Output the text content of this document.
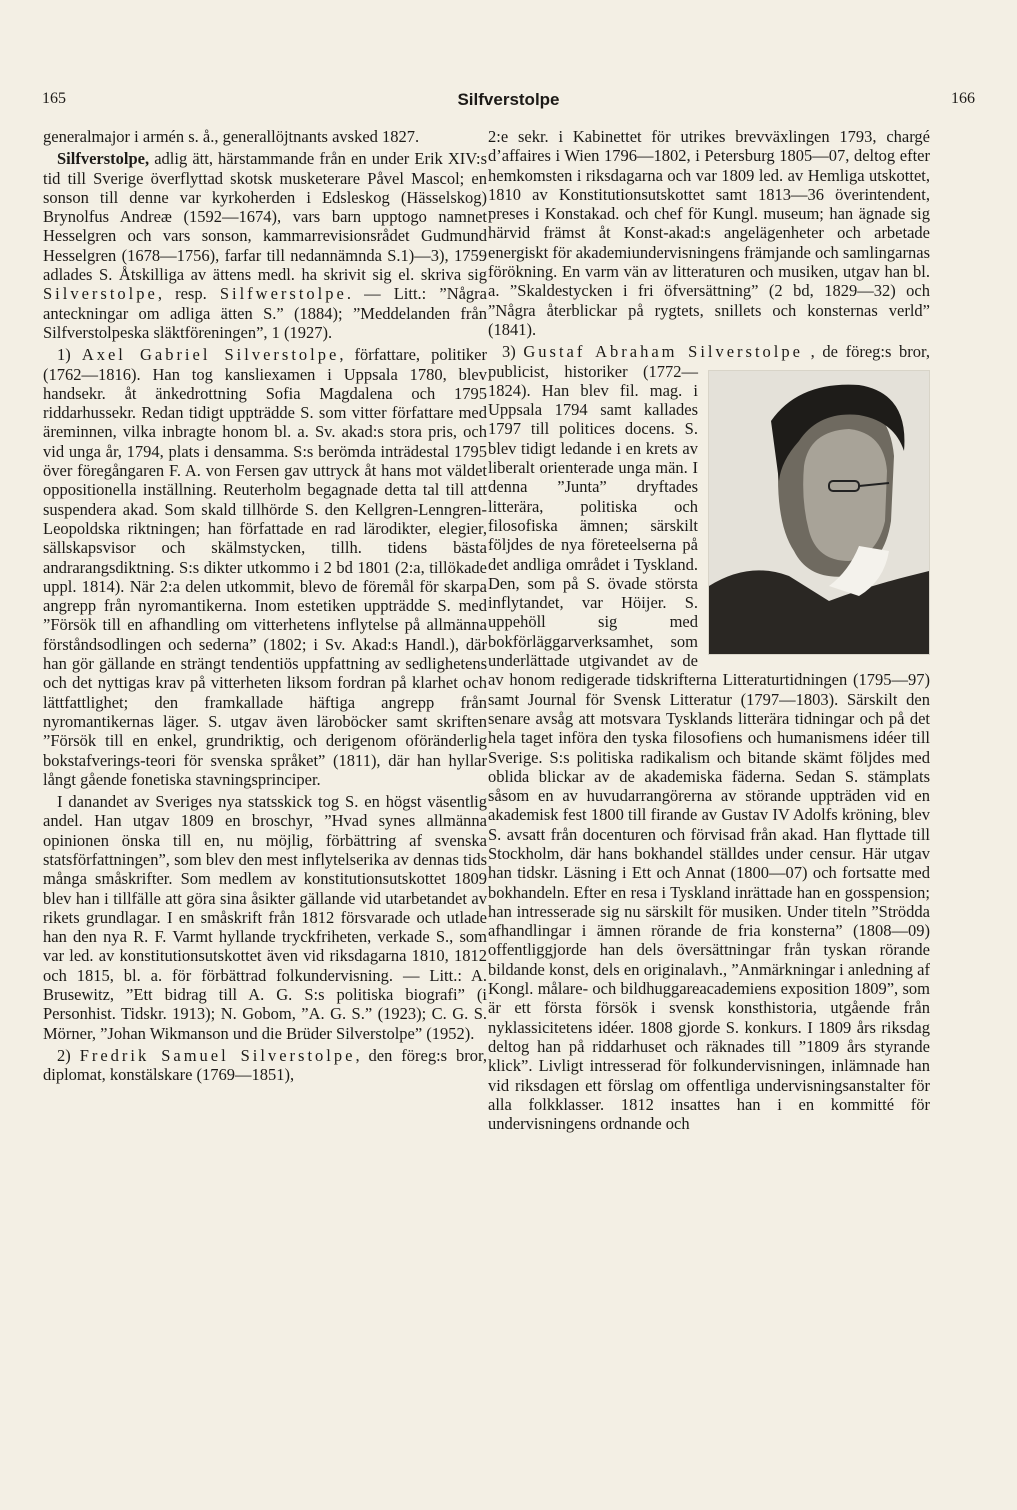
165	Silfverstolpe	166

generalmajor i armén s. å., generallöjtnants avsked 1827.

Silfverstolpe, adlig ätt, härstammande från en under Erik XIV:s tid till Sverige överflyttad skotsk musketerare Påvel Mascol; en sonson till denne var kyrkoherden i Edsleskog (Hässelskog) Brynolfus Andreæ (1592—1674), vars barn upptogo namnet Hesselgren och vars sonson, kammarrevisionsrådet Gudmund Hesselgren (1678—1756), farfar till nedannämnda S.1)—3), 1759 adlades S. Åtskilliga av ättens medl. ha skrivit sig el. skriva sig Silverstolpe, resp. Silfwerstolpe. — Litt.: ”Några anteckningar om adliga ätten S.” (1884); ”Meddelanden från Silfverstolpeska släktföreningen”, 1 (1927).

1) Axel Gabriel Silverstolpe, författare, politiker (1762—1816). Han tog kansliexamen i Uppsala 1780, blev handsekr. åt änkedrottning Sofia Magdalena och 1795 riddarhussekr. Redan tidigt uppträdde S. som vitter författare med äreminnen, vilka inbragte honom bl. a. Sv. akad:s stora pris, och vid unga år, 1794, plats i densamma. S:s berömda inträdestal 1795 över föregångaren F. A. von Fersen gav uttryck åt hans mot väldet oppositionella inställning. Reuterholm begagnade detta tal till att suspendera akad. Som skald tillhörde S. den Kellgren-Lenngren-Leopoldska riktningen; han författade en rad lärodikter, elegier, sällskapsvisor och skälmstycken, tillh. tidens bästa andrarangsdiktning. S:s dikter utkommo i 2 bd 1801 (2:a, tillökade uppl. 1814). När 2:a delen utkommit, blevo de föremål för skarpa angrepp från nyromantikerna. Inom estetiken uppträdde S. med ”Försök till en afhandling om vitterhetens inflytelse på allmänna förståndsodlingen och sederna” (1802; i Sv. Akad:s Handl.), där han gör gällande en strängt tendentiös uppfattning av sedlighetens och det nyttigas krav på vitterheten liksom fordran på klarhet och lättfattlighet; den framkallade häftiga angrepp från nyromantikernas läger. S. utgav även läroböcker samt skriften ”Försök till en enkel, grundriktig, och derigenom oföränderlig bokstafverings-teori för svenska språket” (1811), där han hyllar långt gående fonetiska stavningsprinciper.

I danandet av Sveriges nya statsskick tog S. en högst väsentlig andel. Han utgav 1809 en broschyr, ”Hvad synes allmänna opinionen önska till en, nu möjlig, förbättring af svenska statsförfattningen”, som blev den mest inflytelserika av dennas tids många småskrifter. Som medlem av konstitutionsutskottet 1809 blev han i tillfälle att göra sina åsikter gällande vid utarbetandet av rikets grundlagar. I en småskrift från 1812 försvarade och utlade han den nya R. F. Varmt hyllande tryckfriheten, verkade S., som var led. av konstitutionsutskottet även vid riksdagarna 1810, 1812 och 1815, bl. a. för förbättrad folkundervisning. — Litt.: A. Brusewitz, ”Ett bidrag till A. G. S:s politiska biografi” (i Personhist. Tidskr. 1913); N. Gobom, ”A. G. S.” (1923); C. G. S. Mörner, ”Johan Wikmanson und die Brüder Silverstolpe” (1952).

2) Fredrik Samuel Silverstolpe, den föreg:s bror, diplomat, konstälskare (1769—1851),

2:e sekr. i Kabinettet för utrikes brevväxlingen 1793, chargé d’affaires i Wien 1796—1802, i Petersburg 1805—07, deltog efter hemkomsten i riksdagarna och var 1809 led. av Hemliga utskottet, 1810 av Konstitutionsutskottet samt 1813—36 överintendent, preses i Konstakad. och chef för Kungl. museum; han ägnade sig härvid främst åt Konst-akad:s angelägenheter och arbetade energiskt för akademiundervisningens främjande och samlingarnas förökning. En varm vän av litteraturen och musiken, utgav han bl. a. ”Skaldestycken i fri öfversättning” (2 bd, 1829—32) och ”Några återblickar på rygtets, snillets och konsternas verld” (1841).

3) Gustaf Abraham Silverstolpe , de föreg:s bror, publicist, historiker (1772—1824). Han blev fil. mag. i Uppsala 1794 samt kallades 1797 till politices docens. S. blev tidigt ledande i en krets av liberalt orienterade unga män. I denna ”Junta” dryftades litterära, politiska och filosofiska ämnen; särskilt följdes de nya företeelserna på det andliga området i Tyskland. Den, som på S. övade största inflytandet, var Höijer. S. uppehöll sig med bokförläggarverksamhet, som underlättade utgivandet av de av honom redigerade tidskrifterna Litteraturtidningen (1795—97) samt Journal för Svensk Litteratur (1797—1803). Särskilt den senare avsåg att motsvara Tysklands litterära tidningar och på det hela taget införa den tyska filosofiens och humanismens idéer till Sverige. S:s politiska radikalism och bitande skämt följdes med oblida blickar av de akademiska fäderna. Sedan S. stämplats såsom en av huvudarrangörerna av störande uppträden vid en akademisk fest 1800 till firande av Gustav IV Adolfs kröning, blev S. avsatt från docenturen och förvisad från akad. Han flyttade till Stockholm, där hans bokhandel ställdes under censur. Här utgav han tidskr. Läsning i Ett och Annat (1800—07) och fortsatte med bokhandeln. Efter en resa i Tyskland inrättade han en gosspension; han intresserade sig nu särskilt för musiken. Under titeln ”Strödda afhandlingar i ämnen rörande de fria konsterna” (1808—09) offentliggjorde han dels översättningar från tyskan rörande bildande konst, dels en originalavh., ”Anmärkningar i anledning af Kongl. målare- och bildhuggareacademiens exposition 1809”, som är ett första försök i svensk konsthistoria, utgående från nyklassicitetens idéer. 1808 gjorde S. konkurs. I 1809 års riksdag deltog han på riddarhuset och räknades till ”1809 års styrande klick”. Livligt intresserad för folkundervisningen, inlämnade han vid riksdagen ett förslag om offentliga undervisningsanstalter för alla folkklasser. 1812 insattes han i en kommitté för undervisningens ordnande och
